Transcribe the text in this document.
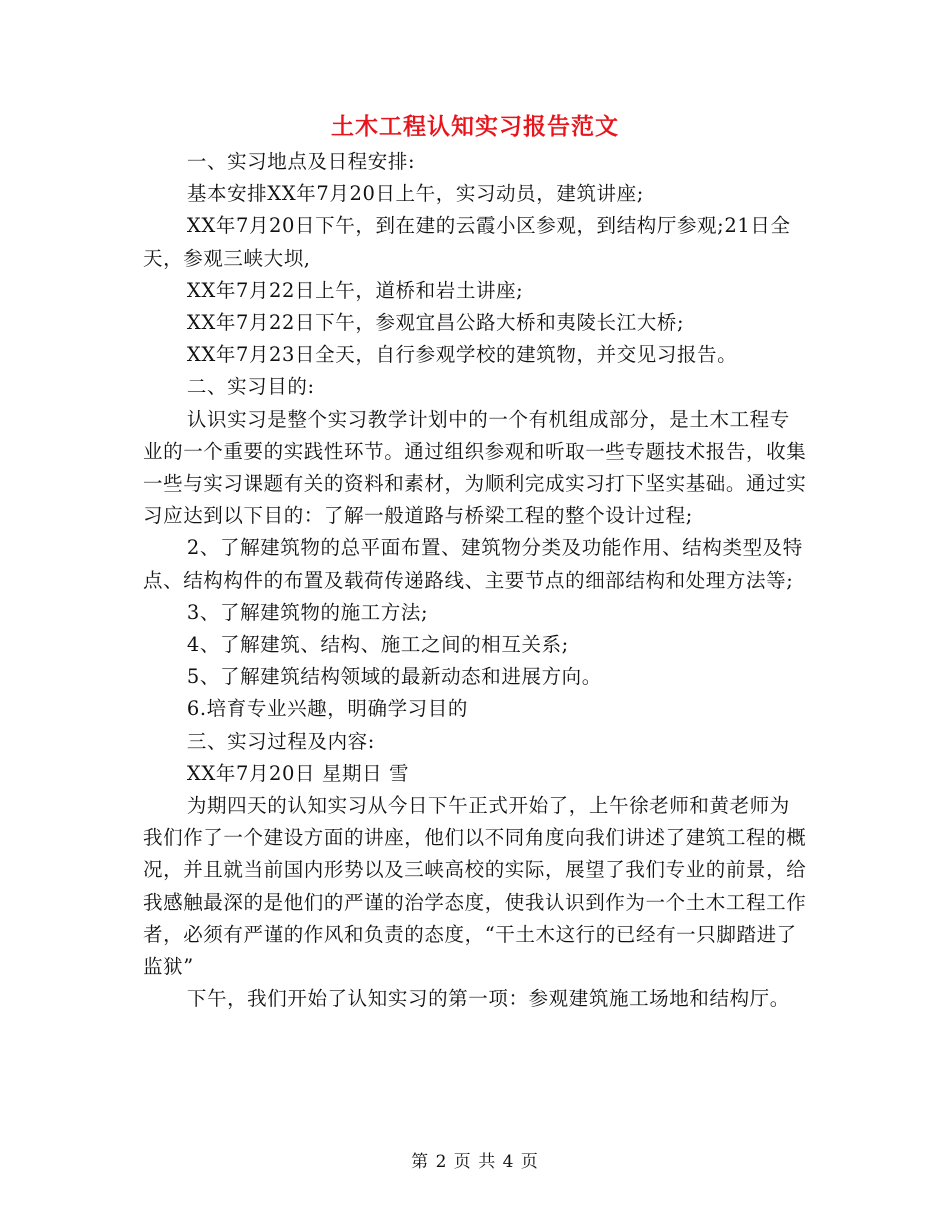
土木工程认知实习报告范文

一、实习地点及日程安排:

基本安排XX年7月20日上午，实习动员，建筑讲座;

XX年7月20日下午，到在建的云霞小区参观，到结构厅参观;21日全天，参观三峡大坝,

XX年7月22日上午，道桥和岩土讲座;

XX年7月22日下午，参观宜昌公路大桥和夷陵长江大桥;

XX年7月23日全天，自行参观学校的建筑物，并交见习报告。

二、实习目的:

认识实习是整个实习教学计划中的一个有机组成部分，是土木工程专业的一个重要的实践性环节。通过组织参观和听取一些专题技术报告，收集一些与实习课题有关的资料和素材，为顺利完成实习打下坚实基础。通过实习应达到以下目的：了解一般道路与桥梁工程的整个设计过程;

2、了解建筑物的总平面布置、建筑物分类及功能作用、结构类型及特点、结构构件的布置及载荷传递路线、主要节点的细部结构和处理方法等;

3、了解建筑物的施工方法;

4、了解建筑、结构、施工之间的相互关系;

5、了解建筑结构领域的最新动态和进展方向。

6.培育专业兴趣，明确学习目的

三、实习过程及内容:

XX年7月20日 星期日 雪

为期四天的认知实习从今日下午正式开始了，上午徐老师和黄老师为我们作了一个建设方面的讲座，他们以不同角度向我们讲述了建筑工程的概况，并且就当前国内形势以及三峡高校的实际，展望了我们专业的前景，给我感触最深的是他们的严谨的治学态度，使我认识到作为一个土木工程工作者，必须有严谨的作风和负责的态度，“干土木这行的已经有一只脚踏进了监狱”

下午，我们开始了认知实习的第一项：参观建筑施工场地和结构厅。

第 2 页 共 4 页
